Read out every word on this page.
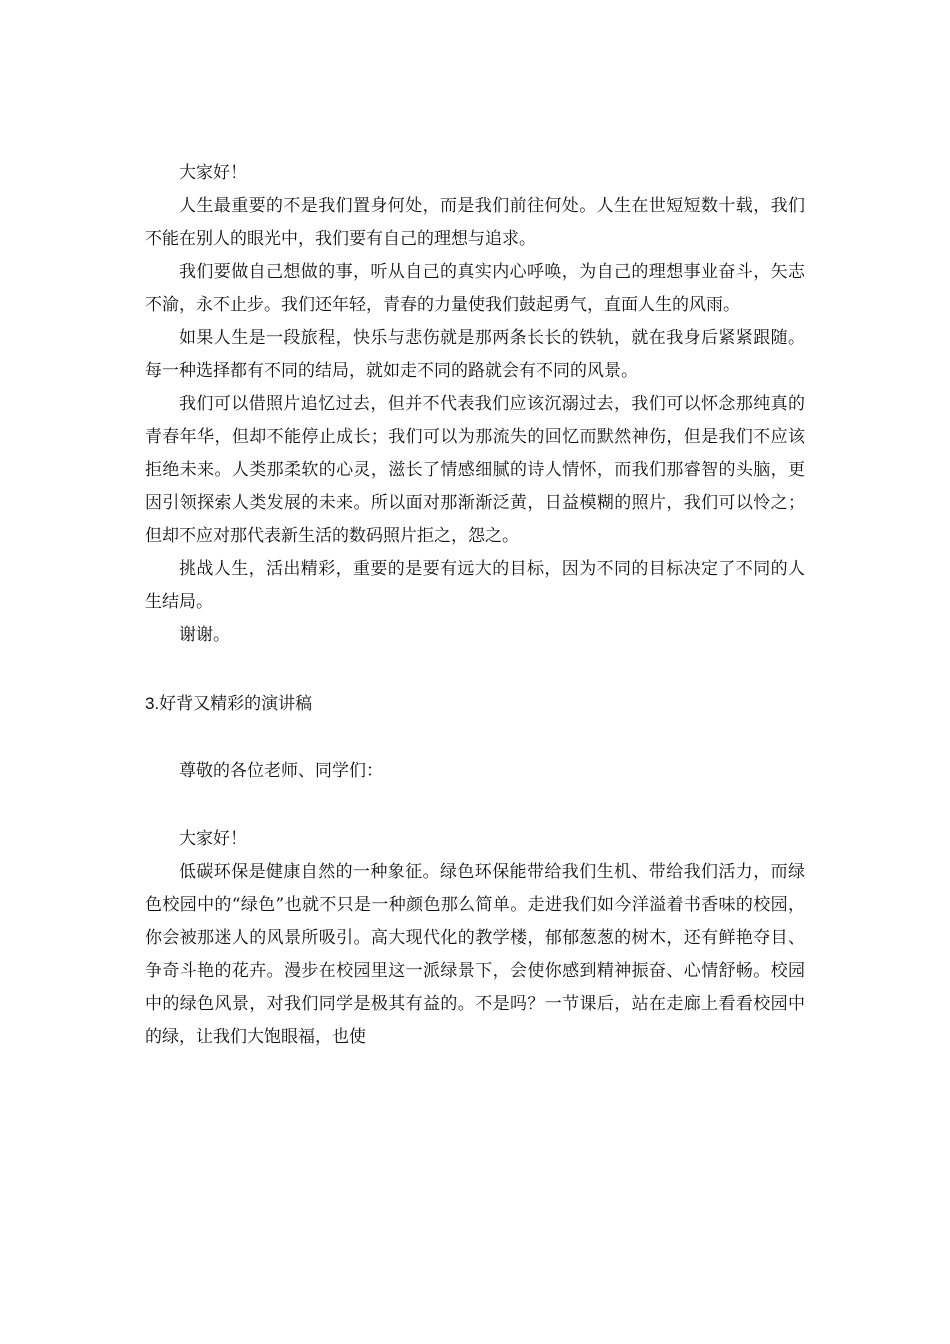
大家好！

人生最重要的不是我们置身何处，而是我们前往何处。人生在世短短数十载，我们不能在别人的眼光中，我们要有自己的理想与追求。

我们要做自己想做的事，听从自己的真实内心呼唤，为自己的理想事业奋斗，矢志不渝，永不止步。我们还年轻，青春的力量使我们鼓起勇气，直面人生的风雨。

如果人生是一段旅程，快乐与悲伤就是那两条长长的铁轨，就在我身后紧紧跟随。每一种选择都有不同的结局，就如走不同的路就会有不同的风景。

我们可以借照片追忆过去，但并不代表我们应该沉溺过去，我们可以怀念那纯真的青春年华，但却不能停止成长；我们可以为那流失的回忆而默然神伤，但是我们不应该拒绝未来。人类那柔软的心灵，滋长了情感细腻的诗人情怀，而我们那睿智的头脑，更因引领探索人类发展的未来。所以面对那渐渐泛黄，日益模糊的照片，我们可以怜之；但却不应对那代表新生活的数码照片拒之，怨之。

挑战人生，活出精彩，重要的是要有远大的目标，因为不同的目标决定了不同的人生结局。

谢谢。

3.好背又精彩的演讲稿

尊敬的各位老师、同学们：

大家好！

低碳环保是健康自然的一种象征。绿色环保能带给我们生机、带给我们活力，而绿色校园中的“绿色”也就不只是一种颜色那么简单。走进我们如今洋溢着书香味的校园，你会被那迷人的风景所吸引。高大现代化的教学楼，郁郁葱葱的树木，还有鲜艳夺目、争奇斗艳的花卉。漫步在校园里这一派绿景下，会使你感到精神振奋、心情舒畅。校园中的绿色风景，对我们同学是极其有益的。不是吗？一节课后，站在走廊上看看校园中的绿，让我们大饱眼福，也使
